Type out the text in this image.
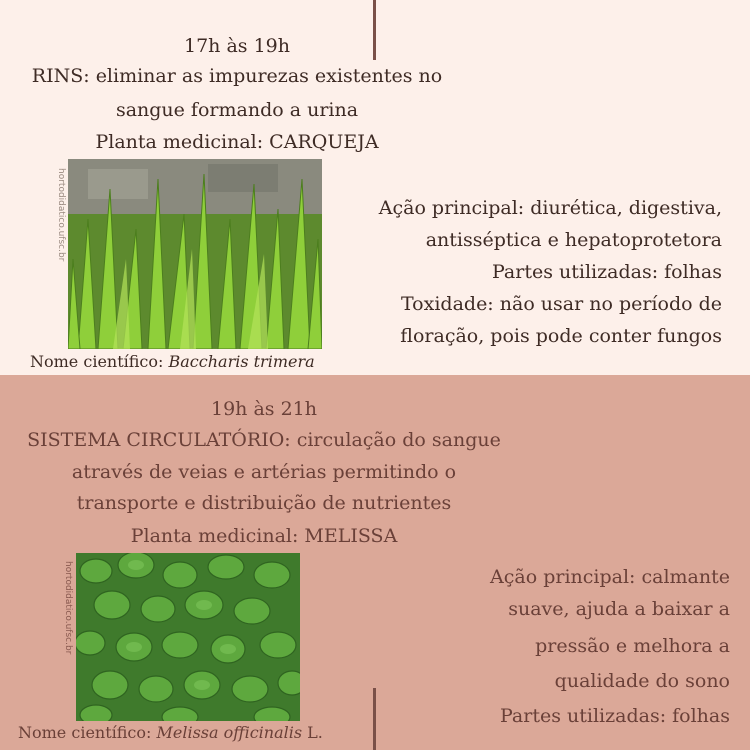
17h às 19h

RINS: eliminar as impurezas existentes no

sangue formando a urina

Planta medicinal: CARQUEJA

hortodidatico.ufsc.br

Nome científico: Baccharis trimera

Ação principal: diurética, digestiva,

antisséptica e hepatoprotetora

Partes utilizadas: folhas

Toxidade: não usar no período de

floração, pois pode conter fungos

19h às 21h

SISTEMA CIRCULATÓRIO: circulação do sangue

através de veias e artérias permitindo o

transporte e distribuição de nutrientes

Planta medicinal: MELISSA

hortodidatico.ufsc.br

Nome científico: Melissa officinalis L.

Ação principal: calmante

suave, ajuda a baixar a

pressão e melhora a

qualidade do sono

Partes utilizadas: folhas
